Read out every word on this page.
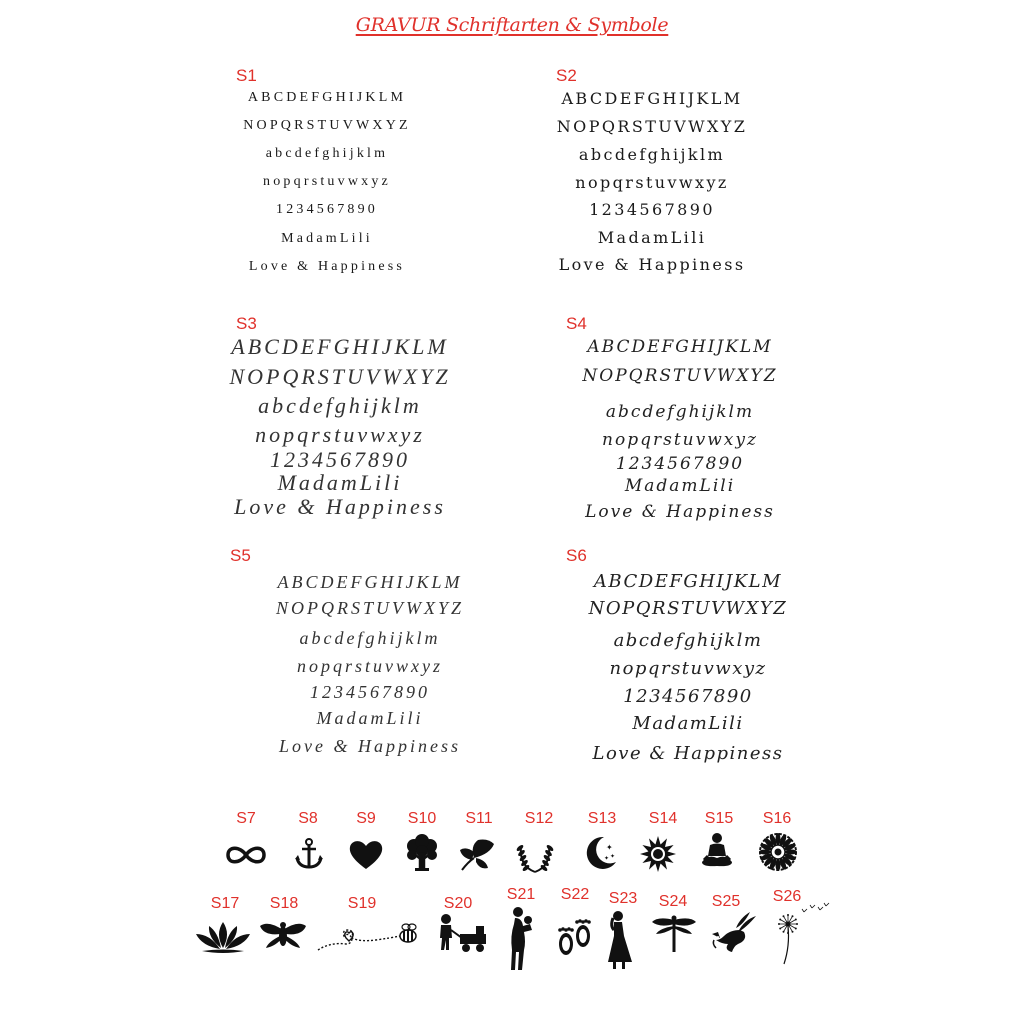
GRAVUR Schriftarten & Symbole
S1
ABCDEFGHIJKLM
NOPQRSTUVWXYZ
abcdefghijklm
nopqrstuvwxyz
1234567890
MadamLili
Love & Happiness
S2
ABCDEFGHIJKLM
NOPQRSTUVWXYZ
abcdefghijklm
nopqrstuvwxyz
1234567890
MadamLili
Love & Happiness
S3
ABCDEFGHIJKLM
NOPQRSTUVWXYZ
abcdefghijklm
nopqrstuvwxyz
1234567890
MadamLili
Love & Happiness
S4
ABCDEFGHIJKLM
NOPQRSTUVWXYZ
abcdefghijklm
nopqrstuvwxyz
1234567890
MadamLili
Love & Happiness
S5
ABCDEFGHIJKLM
NOPQRSTUVWXYZ
abcdefghijklm
nopqrstuvwxyz
1234567890
MadamLili
Love & Happiness
S6
ABCDEFGHIJKLM
NOPQRSTUVWXYZ
abcdefghijklm
nopqrstuvwxyz
1234567890
MadamLili
Love & Happiness
S7	S8 S9 S10 S11 S12 S13
✦
✦
✦
S14 S15 S16
S17 S18	S19	S20
S21 S22 S23 S24 S25 S26
